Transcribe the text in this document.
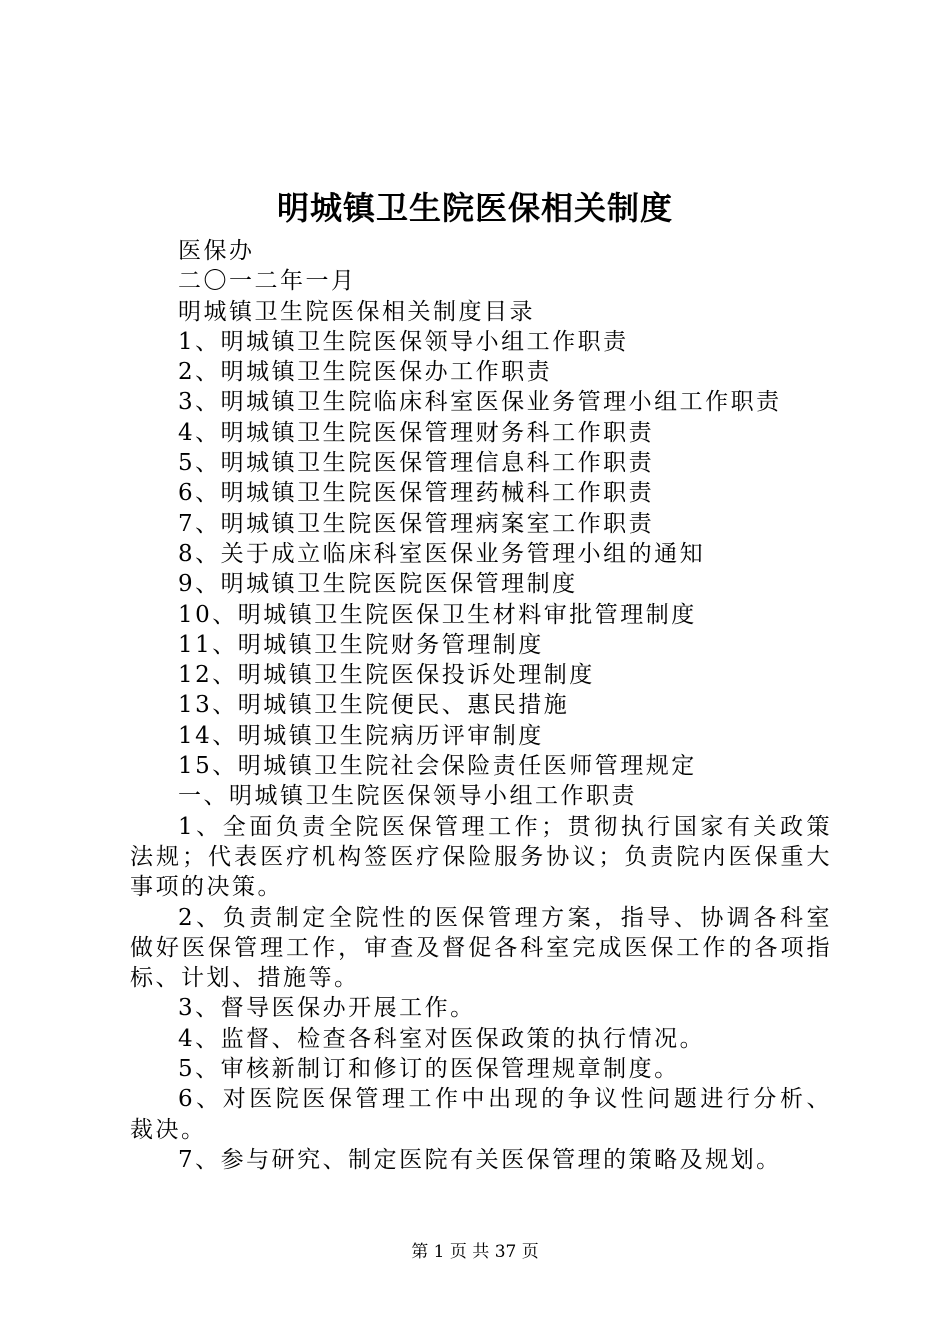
明城镇卫生院医保相关制度
医保办
二〇一二年一月
明城镇卫生院医保相关制度目录
1、明城镇卫生院医保领导小组工作职责
2、明城镇卫生院医保办工作职责
3、明城镇卫生院临床科室医保业务管理小组工作职责
4、明城镇卫生院医保管理财务科工作职责
5、明城镇卫生院医保管理信息科工作职责
6、明城镇卫生院医保管理药械科工作职责
7、明城镇卫生院医保管理病案室工作职责
8、关于成立临床科室医保业务管理小组的通知
9、明城镇卫生院医院医保管理制度
10、明城镇卫生院医保卫生材料审批管理制度
11、明城镇卫生院财务管理制度
12、明城镇卫生院医保投诉处理制度
13、明城镇卫生院便民、惠民措施
14、明城镇卫生院病历评审制度
15、明城镇卫生院社会保险责任医师管理规定
一、明城镇卫生院医保领导小组工作职责
1、全面负责全院医保管理工作；贯彻执行国家有关政策法规；代表医疗机构签医疗保险服务协议；负责院内医保重大事项的决策。
2、负责制定全院性的医保管理方案，指导、协调各科室做好医保管理工作，审查及督促各科室完成医保工作的各项指标、计划、措施等。
3、督导医保办开展工作。
4、监督、检查各科室对医保政策的执行情况。
5、审核新制订和修订的医保管理规章制度。
6、对医院医保管理工作中出现的争议性问题进行分析、裁决。
7、参与研究、制定医院有关医保管理的策略及规划。
第 1 页 共 37 页
